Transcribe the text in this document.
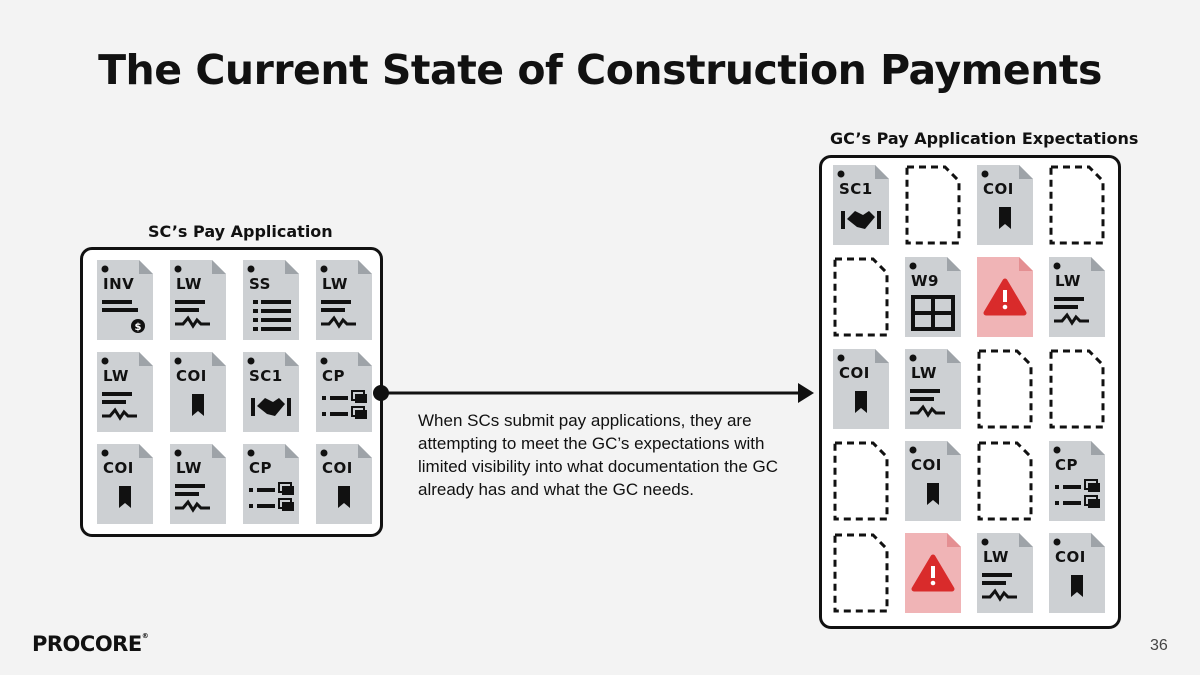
The Current State of Construction Payments
SC’s Pay Application
$
INV	LW	SS	LW
LW	COI	SC1	CP
COI	LW	CP	COI
GC’s Pay Application Expectations
SC1	COI
W9	LW
COI	LW
COI	CP
LW	COI
When SCs submit pay applications, they are attempting to meet the GC’s expectations with limited visibility into what documentation the GC already has and what the GC needs.
PROCORE®
36
